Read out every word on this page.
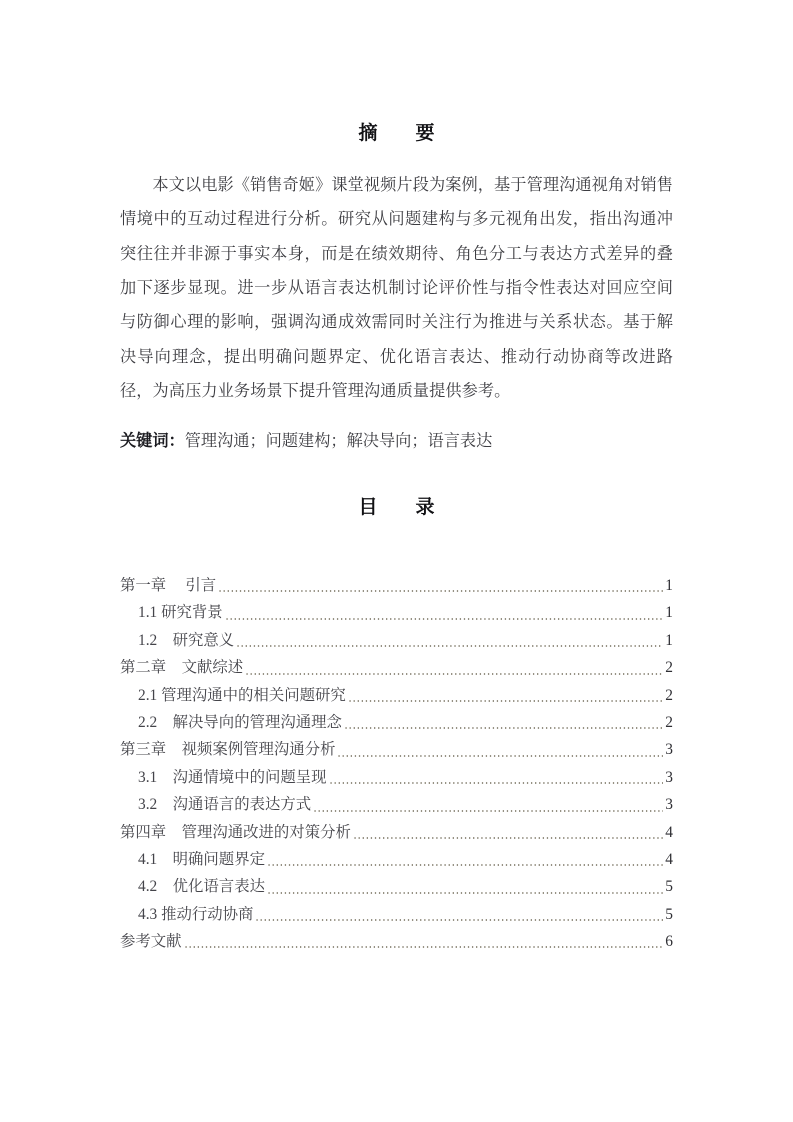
摘　要

本文以电影《销售奇姬》课堂视频片段为案例，基于管理沟通视角对销售情境中的互动过程进行分析。研究从问题建构与多元视角出发，指出沟通冲突往往并非源于事实本身，而是在绩效期待、角色分工与表达方式差异的叠加下逐步显现。进一步从语言表达机制讨论评价性与指令性表达对回应空间与防御心理的影响，强调沟通成效需同时关注行为推进与关系状态。基于解决导向理念，提出明确问题界定、优化语言表达、推动行动协商等改进路径，为高压力业务场景下提升管理沟通质量提供参考。

关键词：管理沟通；问题建构；解决导向；语言表达

目　录
第一章　 引言	1
1.1 研究背景	1
1.2　研究意义	1
第二章　文献综述	2
2.1 管理沟通中的相关问题研究	2
2.2　解决导向的管理沟通理念	2
第三章　视频案例管理沟通分析	3
3.1　沟通情境中的问题呈现	3
3.2　沟通语言的表达方式	3
第四章　管理沟通改进的对策分析	4
4.1　明确问题界定	4
4.2　优化语言表达	5
4.3 推动行动协商	5
参考文献	6
